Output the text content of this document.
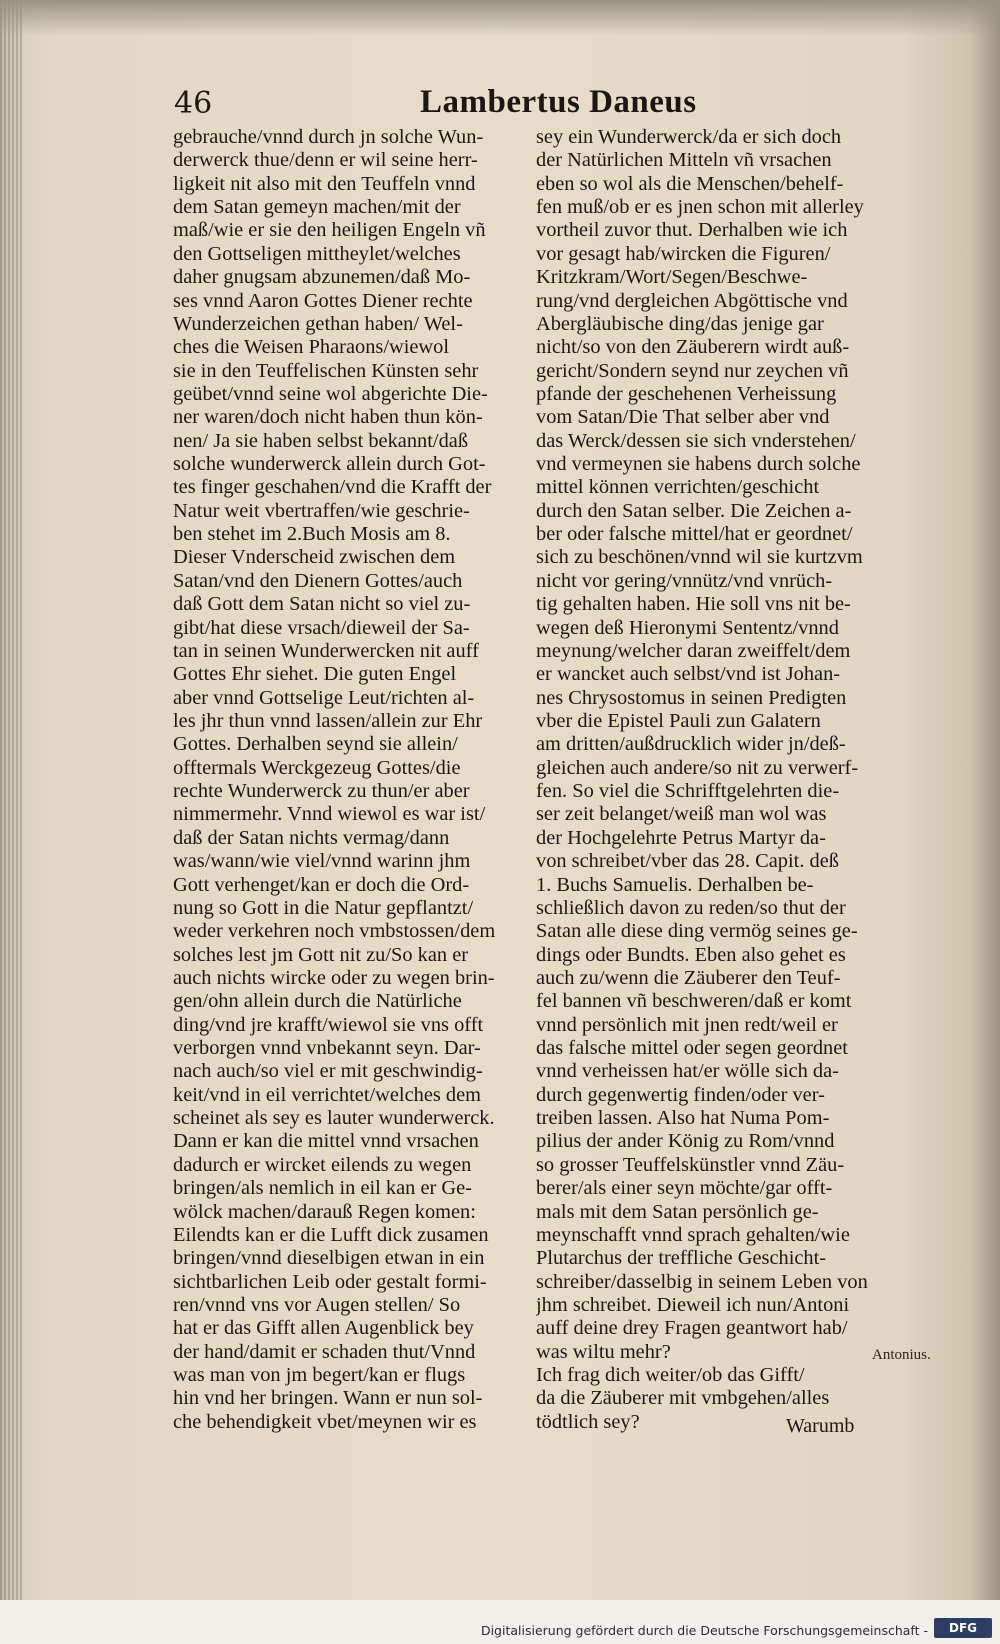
46	Lambertus Daneus
gebrauche/vnnd durch jn solche Wun-
derwerck thue/denn er wil seine herr-
ligkeit nit also mit den Teuffeln vnnd
dem Satan gemeyn machen/mit der
maß/wie er sie den heiligen Engeln vñ
den Gottseligen mittheylet/welches
daher gnugsam abzunemen/daß Mo-
ses vnnd Aaron Gottes Diener rechte
Wunderzeichen gethan haben/ Wel-
ches die Weisen Pharaons/wiewol
sie in den Teuffelischen Künsten sehr
geübet/vnnd seine wol abgerichte Die-
ner waren/doch nicht haben thun kön-
nen/ Ja sie haben selbst bekannt/daß
solche wunderwerck allein durch Got-
tes finger geschahen/vnd die Krafft der
Natur weit vbertraffen/wie geschrie-
ben stehet im 2.Buch Mosis am 8.
Dieser Vnderscheid zwischen dem
Satan/vnd den Dienern Gottes/auch
daß Gott dem Satan nicht so viel zu-
gibt/hat diese vrsach/dieweil der Sa-
tan in seinen Wunderwercken nit auff
Gottes Ehr siehet. Die guten Engel
aber vnnd Gottselige Leut/richten al-
les jhr thun vnnd lassen/allein zur Ehr
Gottes. Derhalben seynd sie allein/
offtermals Werckgezeug Gottes/die
rechte Wunderwerck zu thun/er aber
nimmermehr. Vnnd wiewol es war ist/
daß der Satan nichts vermag/dann
was/wann/wie viel/vnnd warinn jhm
Gott verhenget/kan er doch die Ord-
nung so Gott in die Natur gepflantzt/
weder verkehren noch vmbstossen/dem
solches lest jm Gott nit zu/So kan er
auch nichts wircke oder zu wegen brin-
gen/ohn allein durch die Natürliche
ding/vnd jre krafft/wiewol sie vns offt
verborgen vnnd vnbekannt seyn. Dar-
nach auch/so viel er mit geschwindig-
keit/vnd in eil verrichtet/welches dem
scheinet als sey es lauter wunderwerck.
Dann er kan die mittel vnnd vrsachen
dadurch er wircket eilends zu wegen
bringen/als nemlich in eil kan er Ge-
wölck machen/darauß Regen komen:
Eilendts kan er die Lufft dick zusamen
bringen/vnnd dieselbigen etwan in ein
sichtbarlichen Leib oder gestalt formi-
ren/vnnd vns vor Augen stellen/ So
hat er das Gifft allen Augenblick bey
der hand/damit er schaden thut/Vnnd
was man von jm begert/kan er flugs
hin vnd her bringen. Wann er nun sol-
che behendigkeit vbet/meynen wir es
sey ein Wunderwerck/da er sich doch
der Natürlichen Mitteln vñ vrsachen
eben so wol als die Menschen/behelf-
fen muß/ob er es jnen schon mit allerley
vortheil zuvor thut. Derhalben wie ich
vor gesagt hab/wircken die Figuren/
Kritzkram/Wort/Segen/Beschwe-
rung/vnd dergleichen Abgöttische vnd
Abergläubische ding/das jenige gar
nicht/so von den Zäuberern wirdt auß-
gericht/Sondern seynd nur zeychen vñ
pfande der geschehenen Verheissung
vom Satan/Die That selber aber vnd
das Werck/dessen sie sich vnderstehen/
vnd vermeynen sie habens durch solche
mittel können verrichten/geschicht
durch den Satan selber. Die Zeichen a-
ber oder falsche mittel/hat er geordnet/
sich zu beschönen/vnnd wil sie kurtzvm
nicht vor gering/vnnütz/vnd vnrüch-
tig gehalten haben. Hie soll vns nit be-
wegen deß Hieronymi Sententz/vnnd
meynung/welcher daran zweiffelt/dem
er wancket auch selbst/vnd ist Johan-
nes Chrysostomus in seinen Predigten
vber die Epistel Pauli zun Galatern
am dritten/außdrucklich wider jn/deß-
gleichen auch andere/so nit zu verwerf-
fen. So viel die Schrifftgelehrten die-
ser zeit belanget/weiß man wol was
der Hochgelehrte Petrus Martyr da-
von schreibet/vber das 28. Capit. deß
1. Buchs Samuelis. Derhalben be-
schließlich davon zu reden/so thut der
Satan alle diese ding vermög seines ge-
dings oder Bundts. Eben also gehet es
auch zu/wenn die Zäuberer den Teuf-
fel bannen vñ beschweren/daß er komt
vnnd persönlich mit jnen redt/weil er
das falsche mittel oder segen geordnet
vnnd verheissen hat/er wölle sich da-
durch gegenwertig finden/oder ver-
treiben lassen. Also hat Numa Pom-
pilius der ander König zu Rom/vnnd
so grosser Teuffelskünstler vnnd Zäu-
berer/als einer seyn möchte/gar offt-
mals mit dem Satan persönlich ge-
meynschafft vnnd sprach gehalten/wie
Plutarchus der treffliche Geschicht-
schreiber/dasselbig in seinem Leben von
jhm schreibet. Dieweil ich nun/Antoni
auff deine drey Fragen geantwort hab/
was wiltu mehr?
Ich frag dich weiter/ob das Gifft/
da die Zäuberer mit vmbgehen/alles
tödtlich sey?
Antonius.
Warumb
Digitalisierung gefördert durch die Deutsche Forschungsgemeinschaft -	DFG
